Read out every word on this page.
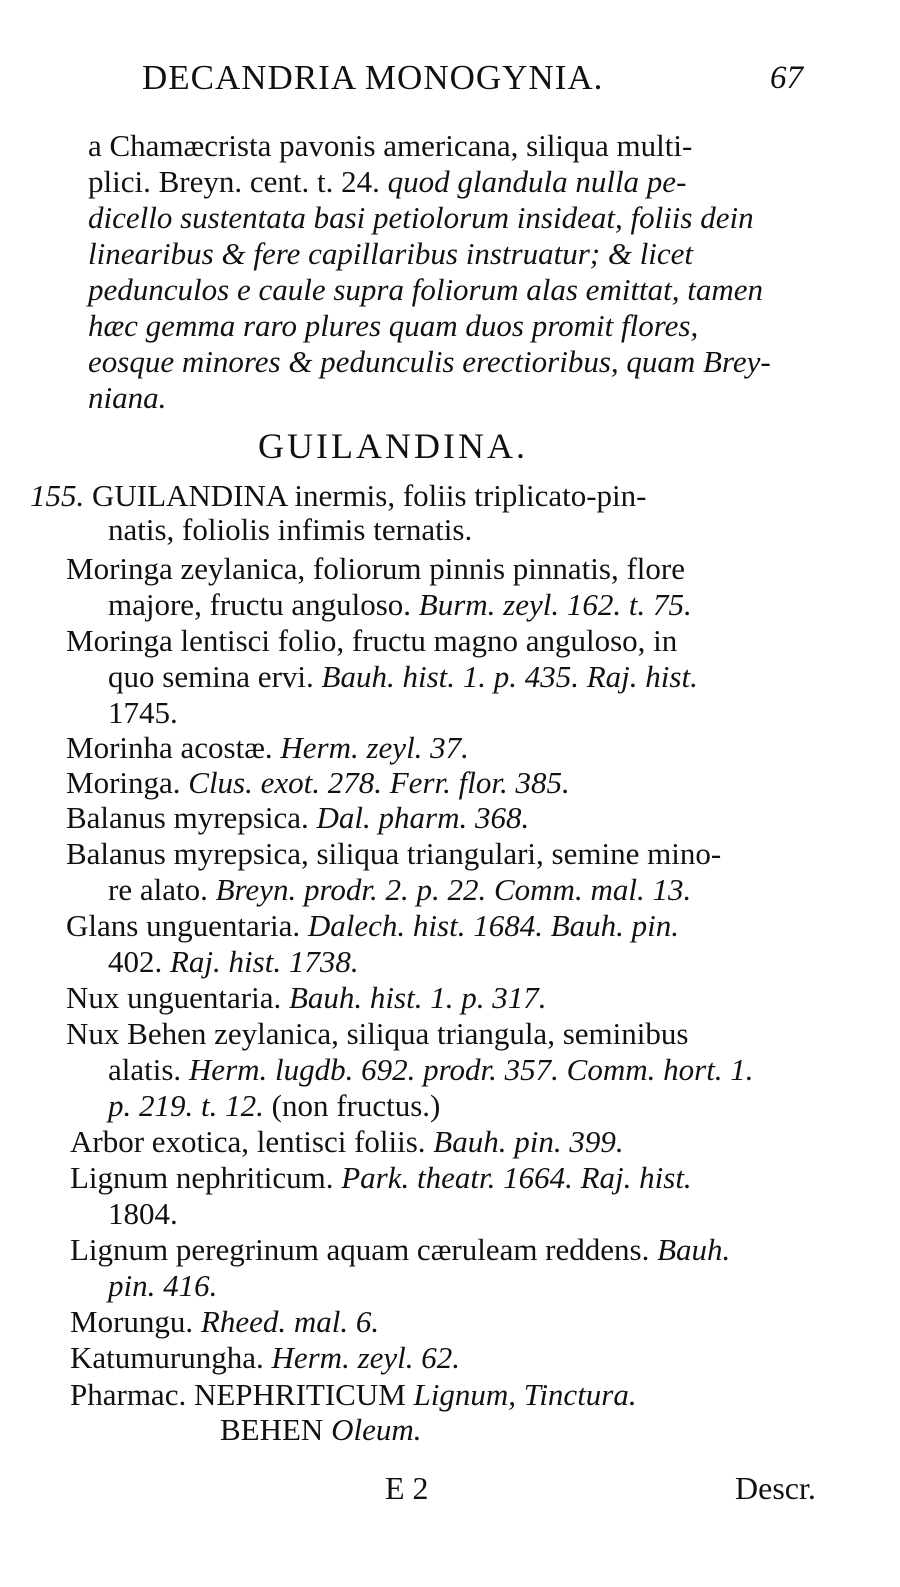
DECANDRIA MONOGYNIA.	67
a Chamæcrista pavonis americana, siliqua multi-
plici. Breyn. cent. t. 24. quod glandula nulla pe-
dicello sustentata basi petiolorum insideat, foliis dein
linearibus & fere capillaribus instruatur; & licet
pedunculos e caule supra foliorum alas emittat, tamen
hæc gemma raro plures quam duos promit flores,
eosque minores & pedunculis erectioribus, quam Brey-
niana.
GUILANDINA.
155. GUILANDINA inermis, foliis triplicato-pin-
natis, foliolis infimis ternatis.
Moringa zeylanica, foliorum pinnis pinnatis, flore
majore, fructu anguloso. Burm. zeyl. 162. t. 75.
Moringa lentisci folio, fructu magno anguloso, in
quo semina ervi. Bauh. hist. 1. p. 435. Raj. hist.
1745.
Morinha acostæ. Herm. zeyl. 37.
Moringa. Clus. exot. 278. Ferr. flor. 385.
Balanus myrepsica. Dal. pharm. 368.
Balanus myrepsica, siliqua triangulari, semine mino-
re alato. Breyn. prodr. 2. p. 22. Comm. mal. 13.
Glans unguentaria. Dalech. hist. 1684. Bauh. pin.
402. Raj. hist. 1738.
Nux unguentaria. Bauh. hist. 1. p. 317.
Nux Behen zeylanica, siliqua triangula, seminibus
alatis. Herm. lugdb. 692. prodr. 357. Comm. hort. 1.
p. 219. t. 12. (non fructus.)
Arbor exotica, lentisci foliis. Bauh. pin. 399.
Lignum nephriticum. Park. theatr. 1664. Raj. hist.
1804.
Lignum peregrinum aquam cæruleam reddens. Bauh.
pin. 416.
Morungu. Rheed. mal. 6.
Katumurungha. Herm. zeyl. 62.
Pharmac. NEPHRITICUM Lignum, Tinctura.
BEHEN Oleum.
E 2	Descr.
